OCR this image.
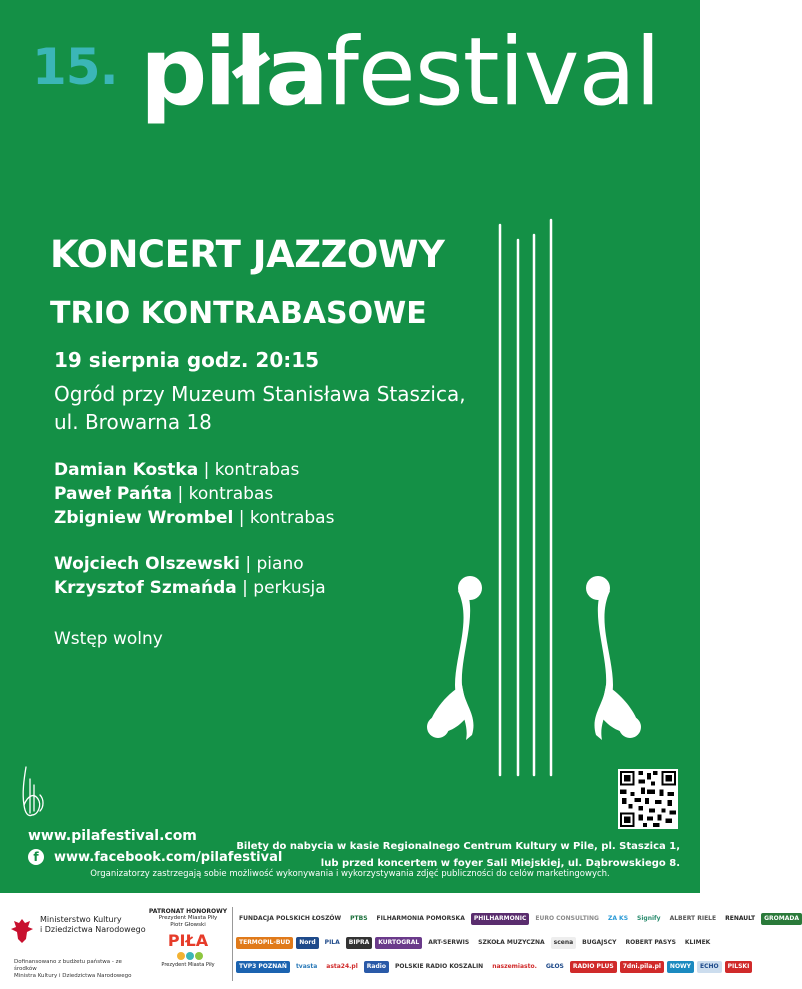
15. piłafestival
KONCERT JAZZOWY
TRIO KONTRABASOWE
19 sierpnia godz. 20:15
Ogród przy Muzeum Stanisława Staszica,
ul. Browarna 18
Damian Kostka | kontrabas
Paweł Pańta | kontrabas
Zbigniew Wrombel | kontrabas
Wojciech Olszewski | piano
Krzysztof Szmańda | perkusja
Wstęp wolny
www.pilafestival.com
f	www.facebook.com/pilafestival
Bilety do nabycia w kasie Regionalnego Centrum Kultury w Pile, pl. Staszica 1,
lub przed koncertem w foyer Sali Miejskiej, ul. Dąbrowskiego 8.
Organizatorzy zastrzegają sobie możliwość wykonywania i wykorzystywania zdjęć publiczności do celów marketingowych.
Ministerstwo Kultury
i Dziedzictwa Narodowego
Dofinansowano z budżetu państwa - ze środków
Ministra Kultury i Dziedzictwa Narodowego
PATRONAT HONOROWY
Prezydent Miasta Piły
Piotr Głowski
PIŁA
Prezydent Miasta Piły
FUNDACJA POLSKICH ŁOSZÓW	PTBS	FILHARMONIA POMORSKA	PHILHARMONIC	EURO CONSULTING	ZA KS	Signify	ALBERT RIELE	RENAULT	GROMADA
TERMOPIL-BUD	Nord	PILA	BIPRA	KURTOGRAL	ART-SERWIS	SZKOŁA MUZYCZNA	scena	BUGAJSCY	ROBERT PASYS	KLIMEK
TVP3 POZNAŃ	tvasta	asta24.pl	Radio	POLSKIE RADIO KOSZALIN	naszemiasto.	GŁOS	RADIO PLUS	7dni.pila.pl	NOWY	ECHO	PILSKI
